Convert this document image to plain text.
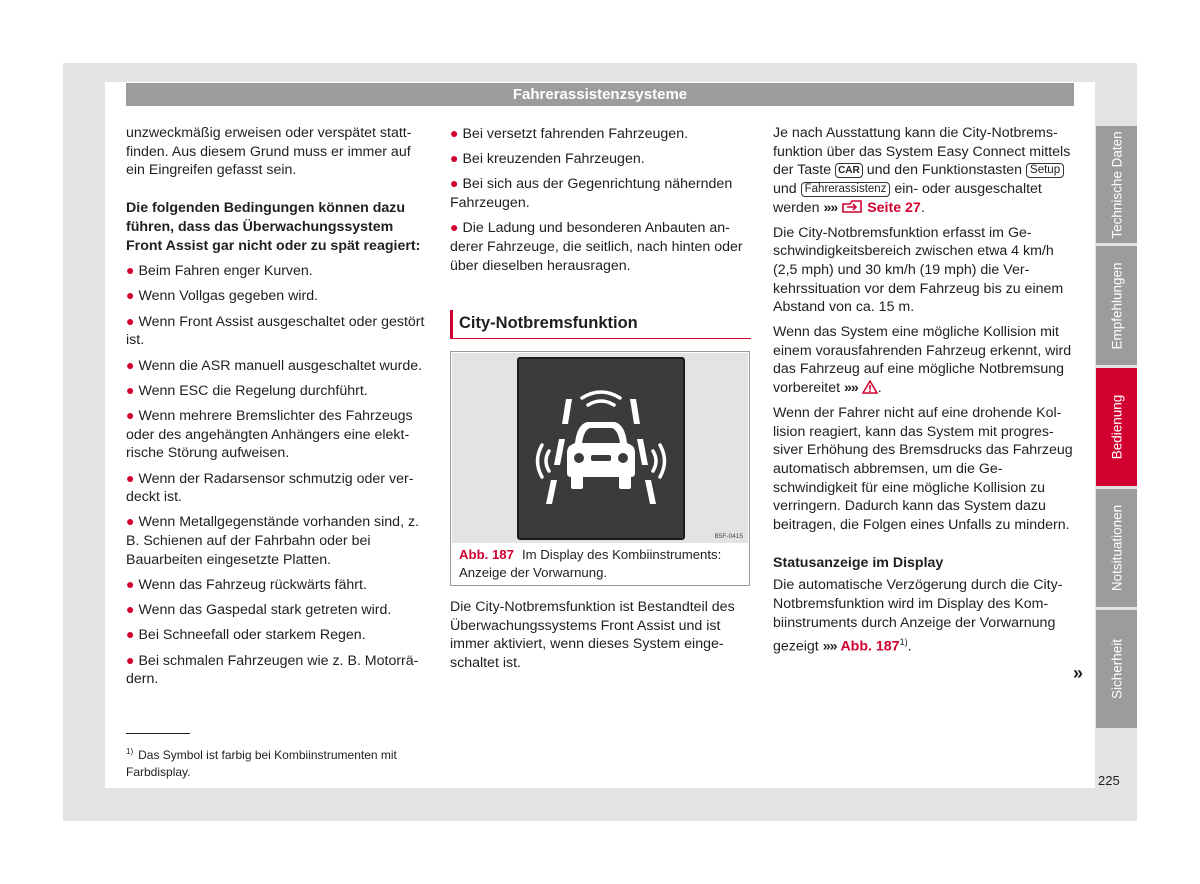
Fahrerassistenzsysteme
unzweckmäßig erweisen oder verspätet stattfinden. Aus diesem Grund muss er immer auf ein Eingreifen gefasst sein.
Die folgenden Bedingungen können dazu führen, dass das Überwachungssystem Front Assist gar nicht oder zu spät reagiert:
● Beim Fahren enger Kurven.
● Wenn Vollgas gegeben wird.
● Wenn Front Assist ausgeschaltet oder gestört ist.
● Wenn die ASR manuell ausgeschaltet wurde.
● Wenn ESC die Regelung durchführt.
● Wenn mehrere Bremslichter des Fahrzeugs oder des angehängten Anhängers eine elektrische Störung aufweisen.
● Wenn der Radarsensor schmutzig oder verdeckt ist.
● Wenn Metallgegenstände vorhanden sind, z. B. Schienen auf der Fahrbahn oder bei Bauarbeiten eingesetzte Platten.
● Wenn das Fahrzeug rückwärts fährt.
● Wenn das Gaspedal stark getreten wird.
● Bei Schneefall oder starkem Regen.
● Bei schmalen Fahrzeugen wie z. B. Motorrädern.
● Bei versetzt fahrenden Fahrzeugen.
● Bei kreuzenden Fahrzeugen.
● Bei sich aus der Gegenrichtung nähernden Fahrzeugen.
● Die Ladung und besonderen Anbauten anderer Fahrzeuge, die seitlich, nach hinten oder über dieselben herausragen.
City-Notbremsfunktion
B5F-0415
Abb. 187 Im Display des Kombiinstruments: Anzeige der Vorwarnung.
Die City-Notbremsfunktion ist Bestandteil des Überwachungssystems Front Assist und ist immer aktiviert, wenn dieses System eingeschaltet ist.
Je nach Ausstattung kann die City-Notbremsfunktion über das System Easy Connect mittels der Taste CAR und den Funktionstasten Setup und Fahrerassistenz ein- oder ausgeschaltet werden »» Seite 27.
Die City-Notbremsfunktion erfasst im Geschwindigkeitsbereich zwischen etwa 4 km/h (2,5 mph) und 30 km/h (19 mph) die Verkehrssituation vor dem Fahrzeug bis zu einem Abstand von ca. 15 m.
Wenn das System eine mögliche Kollision mit einem vorausfahrenden Fahrzeug erkennt, wird das Fahrzeug auf eine mögliche Notbremsung vorbereitet »» .
Wenn der Fahrer nicht auf eine drohende Kollision reagiert, kann das System mit progressiver Erhöhung des Bremsdrucks das Fahrzeug automatisch abbremsen, um die Geschwindigkeit für eine mögliche Kollision zu verringern. Dadurch kann das System dazu beitragen, die Folgen eines Unfalls zu mindern.
Statusanzeige im Display
Die automatische Verzögerung durch die City-Notbremsfunktion wird im Display des Kombiinstruments durch Anzeige der Vorwarnung gezeigt »» Abb. 187$^{1)}$.
»
$^{1)}$ Das Symbol ist farbig bei Kombiinstrumenten mit Farbdisplay.
Technische Daten
Empfehlungen
Bedienung
Notsituationen
Sicherheit
225
